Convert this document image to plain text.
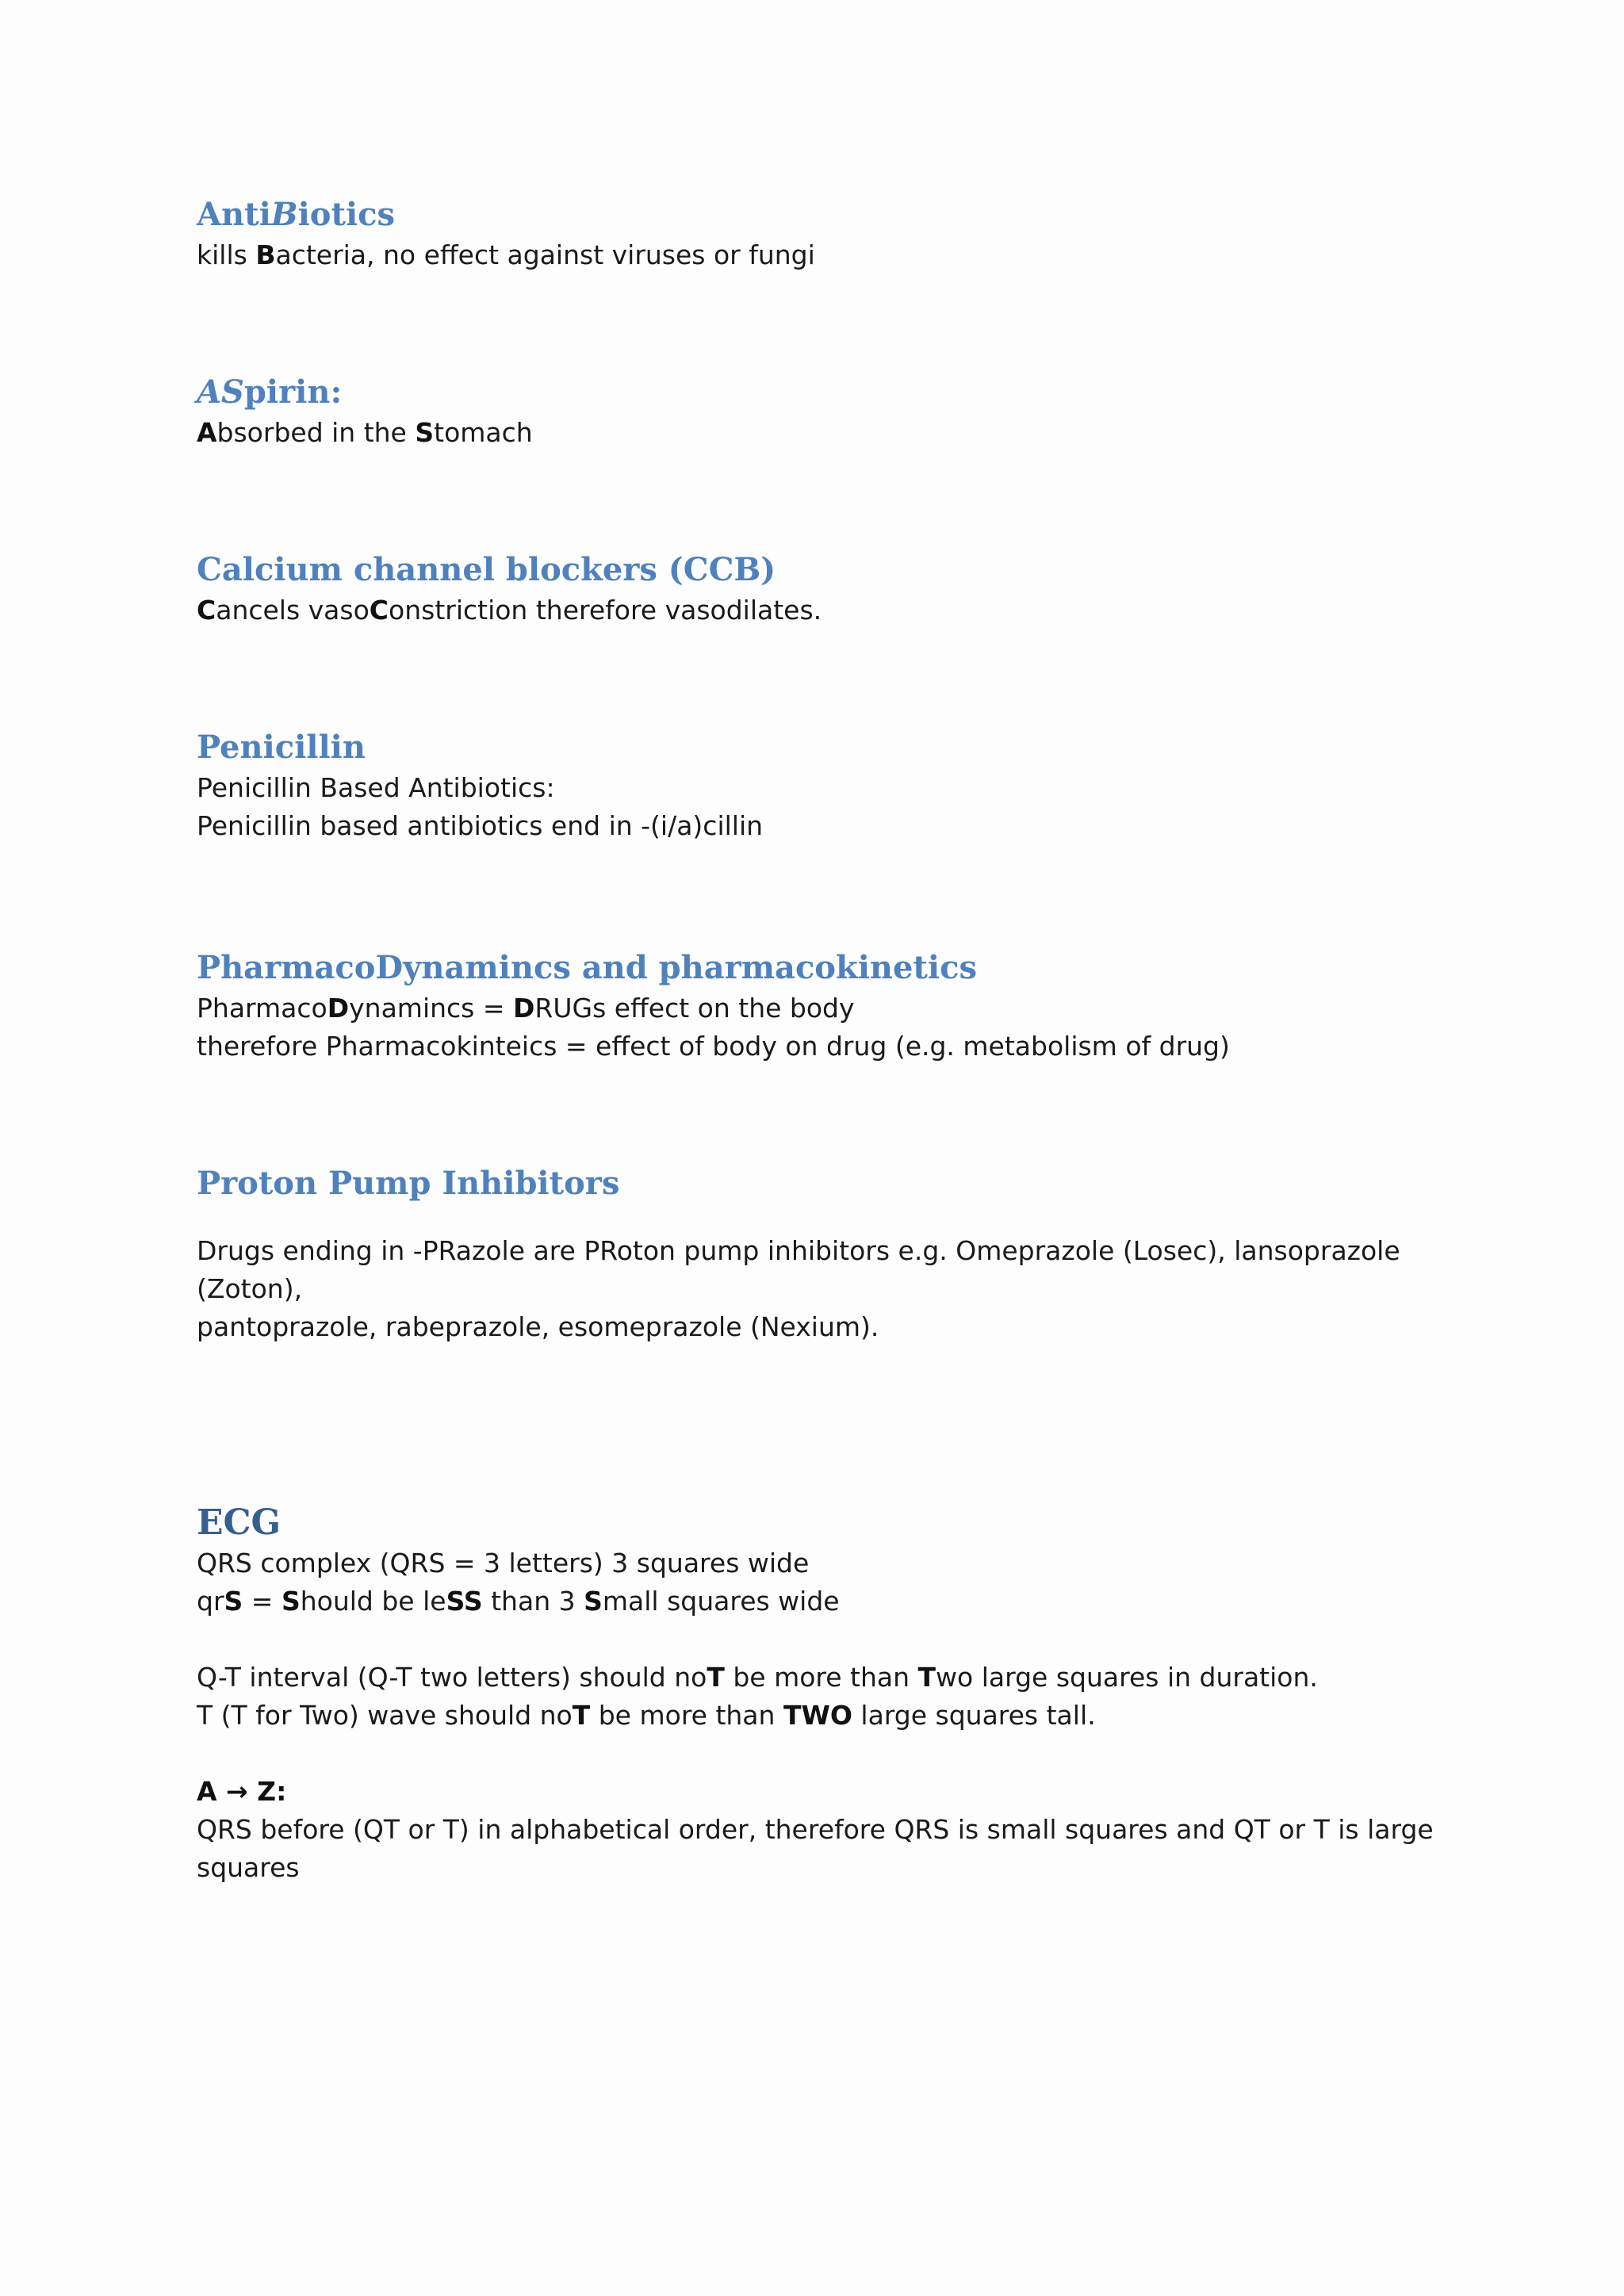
AntiBiotics

kills Bacteria, no effect against viruses or fungi

ASpirin:

Absorbed in the Stomach

Calcium channel blockers (CCB)

Cancels vasoConstriction therefore vasodilates.

Penicillin

Penicillin Based Antibiotics:

Penicillin based antibiotics end in -(i/a)cillin

PharmacoDynamincs and pharmacokinetics

PharmacoDynamincs = DRUGs effect on the body

therefore Pharmacokinteics = effect of body on drug (e.g. metabolism of drug)

Proton Pump Inhibitors

Drugs ending in -PRazole are PRoton pump inhibitors e.g. Omeprazole (Losec), lansoprazole (Zoton),

pantoprazole, rabeprazole, esomeprazole (Nexium).

ECG

QRS complex (QRS = 3 letters) 3 squares wide

qrS = Should be leSS than 3 Small squares wide

Q-T interval (Q-T two letters) should noT be more than Two large squares in duration.

T (T for Two) wave should noT be more than TWO large squares tall.

A → Z:

QRS before (QT or T) in alphabetical order, therefore QRS is small squares and QT or T is large

squares
